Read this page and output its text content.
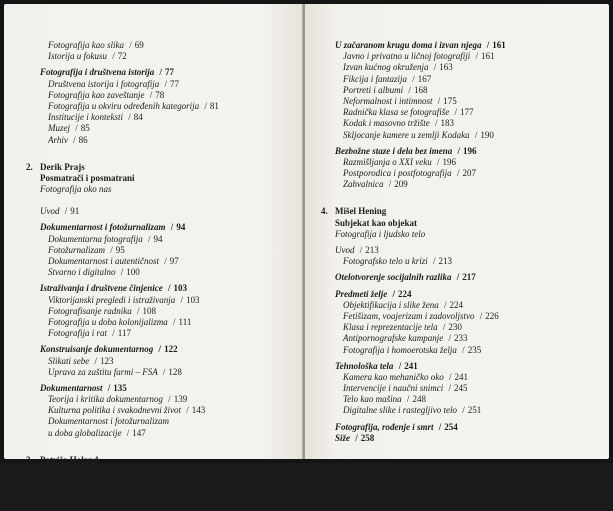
Fotografija kao slika / 69
Istorija u fokusu / 72
Fotografija i društvena istorija / 77
Društvena istorija i fotografija / 77
Fotografija kao zaveštanje / 78
Fotografija u okviru određenih kategorija / 81
Institucije i konteksti / 84
Muzej / 85
Arhiv / 86
2. Derik Prajs
Posmatrači i posmatrani
Fotografija oko nas
Uvod / 91
Dokumentarnost i fotožurnalizam / 94
Dokumentarna fotografija / 94
Fotožurnalizam / 95
Dokumentarnost i autentičnost / 97
Stvarno i digitalno / 100
Istraživanja i društvene činjenice / 103
Viktorijanski pregledi i istraživanja / 103
Fotografisanje radnika / 108
Fotografija u doba kolonijalizma / 111
Fotografija i rat / 117
Konstruisanje dokumentarnog / 122
Slikati sebe / 123
Uprava za zaštitu farmi – FSA / 128
Dokumentarnost / 135
Teorija i kritika dokumentarnog / 139
Kulturna politika i svakodnevni život / 143
Dokumentarnost i fotožurnalizam
u doba globalizacije / 147
3. Patriša Holand
„Slatko je posmatrati..."
Lične fotografije i popularna fotografija
Uvod / 153
U začaranom krugu doma i izvan njega / 161
Javno i privatno u ličnoj fotografiji / 161
Izvan kućnog okruženja / 163
Fikcija i fantazija / 167
Portreti i albumi / 168
Neformalnost i intimnost / 175
Radnička klasa se fotografiše / 177
Kodak i masovno tržište / 183
Skljocanje kamere u zemlji Kodaka / 190
Bezbožne staze i dela bez imena / 196
Razmišljanja o XXI veku / 196
Postporodica i postfotografija / 207
Zahvalnica / 209
4. Mišel Hening
Subjekat kao objekat
Fotografija i ljudsko telo
Uvod / 213
Fotografsko telo u krizi / 213
Otelotvorenje socijalnih razlika / 217
Predmeti želje / 224
Objektifikacija i slike žena / 224
Fetišizam, voajerizam i zadovoljstvo / 226
Klasa i reprezentacije tela / 230
Antipornografske kampanje / 233
Fotografija i homoerotska želja / 235
Tehnološka tela / 241
Kamera kao mehaničko oko / 241
Intervencije i naučni snimci / 245
Telo kao mašina / 248
Digitalne slike i rastegljivo telo / 251
Fotografija, rođenje i smrt / 254
Siže / 258
5. Anandi Ramamurti
Spektakli i iluzije
Fotografija i potrošačka kultura
